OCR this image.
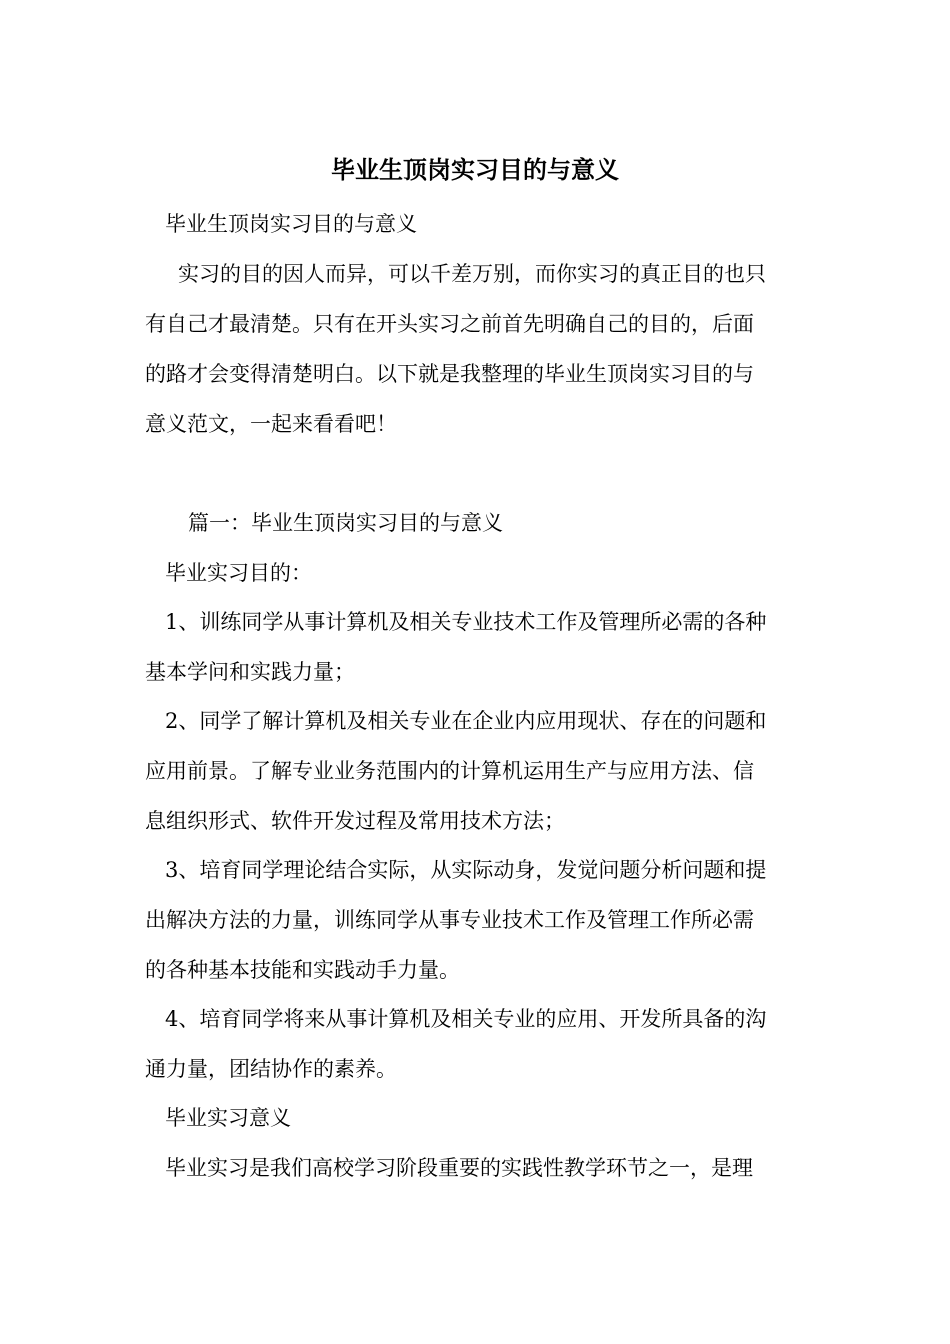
毕业生顶岗实习目的与意义
毕业生顶岗实习目的与意义
实习的目的因人而异，可以千差万别，而你实习的真正目的也只
有自己才最清楚。只有在开头实习之前首先明确自己的目的，后面
的路才会变得清楚明白。以下就是我整理的毕业生顶岗实习目的与
意义范文，一起来看看吧！
篇一：毕业生顶岗实习目的与意义
毕业实习目的：
1、训练同学从事计算机及相关专业技术工作及管理所必需的各种
基本学问和实践力量；
2、同学了解计算机及相关专业在企业内应用现状、存在的问题和
应用前景。了解专业业务范围内的计算机运用生产与应用方法、信
息组织形式、软件开发过程及常用技术方法；
3、培育同学理论结合实际，从实际动身，发觉问题分析问题和提
出解决方法的力量，训练同学从事专业技术工作及管理工作所必需
的各种基本技能和实践动手力量。
4、培育同学将来从事计算机及相关专业的应用、开发所具备的沟
通力量，团结协作的素养。
毕业实习意义
毕业实习是我们高校学习阶段重要的实践性教学环节之一，是理
